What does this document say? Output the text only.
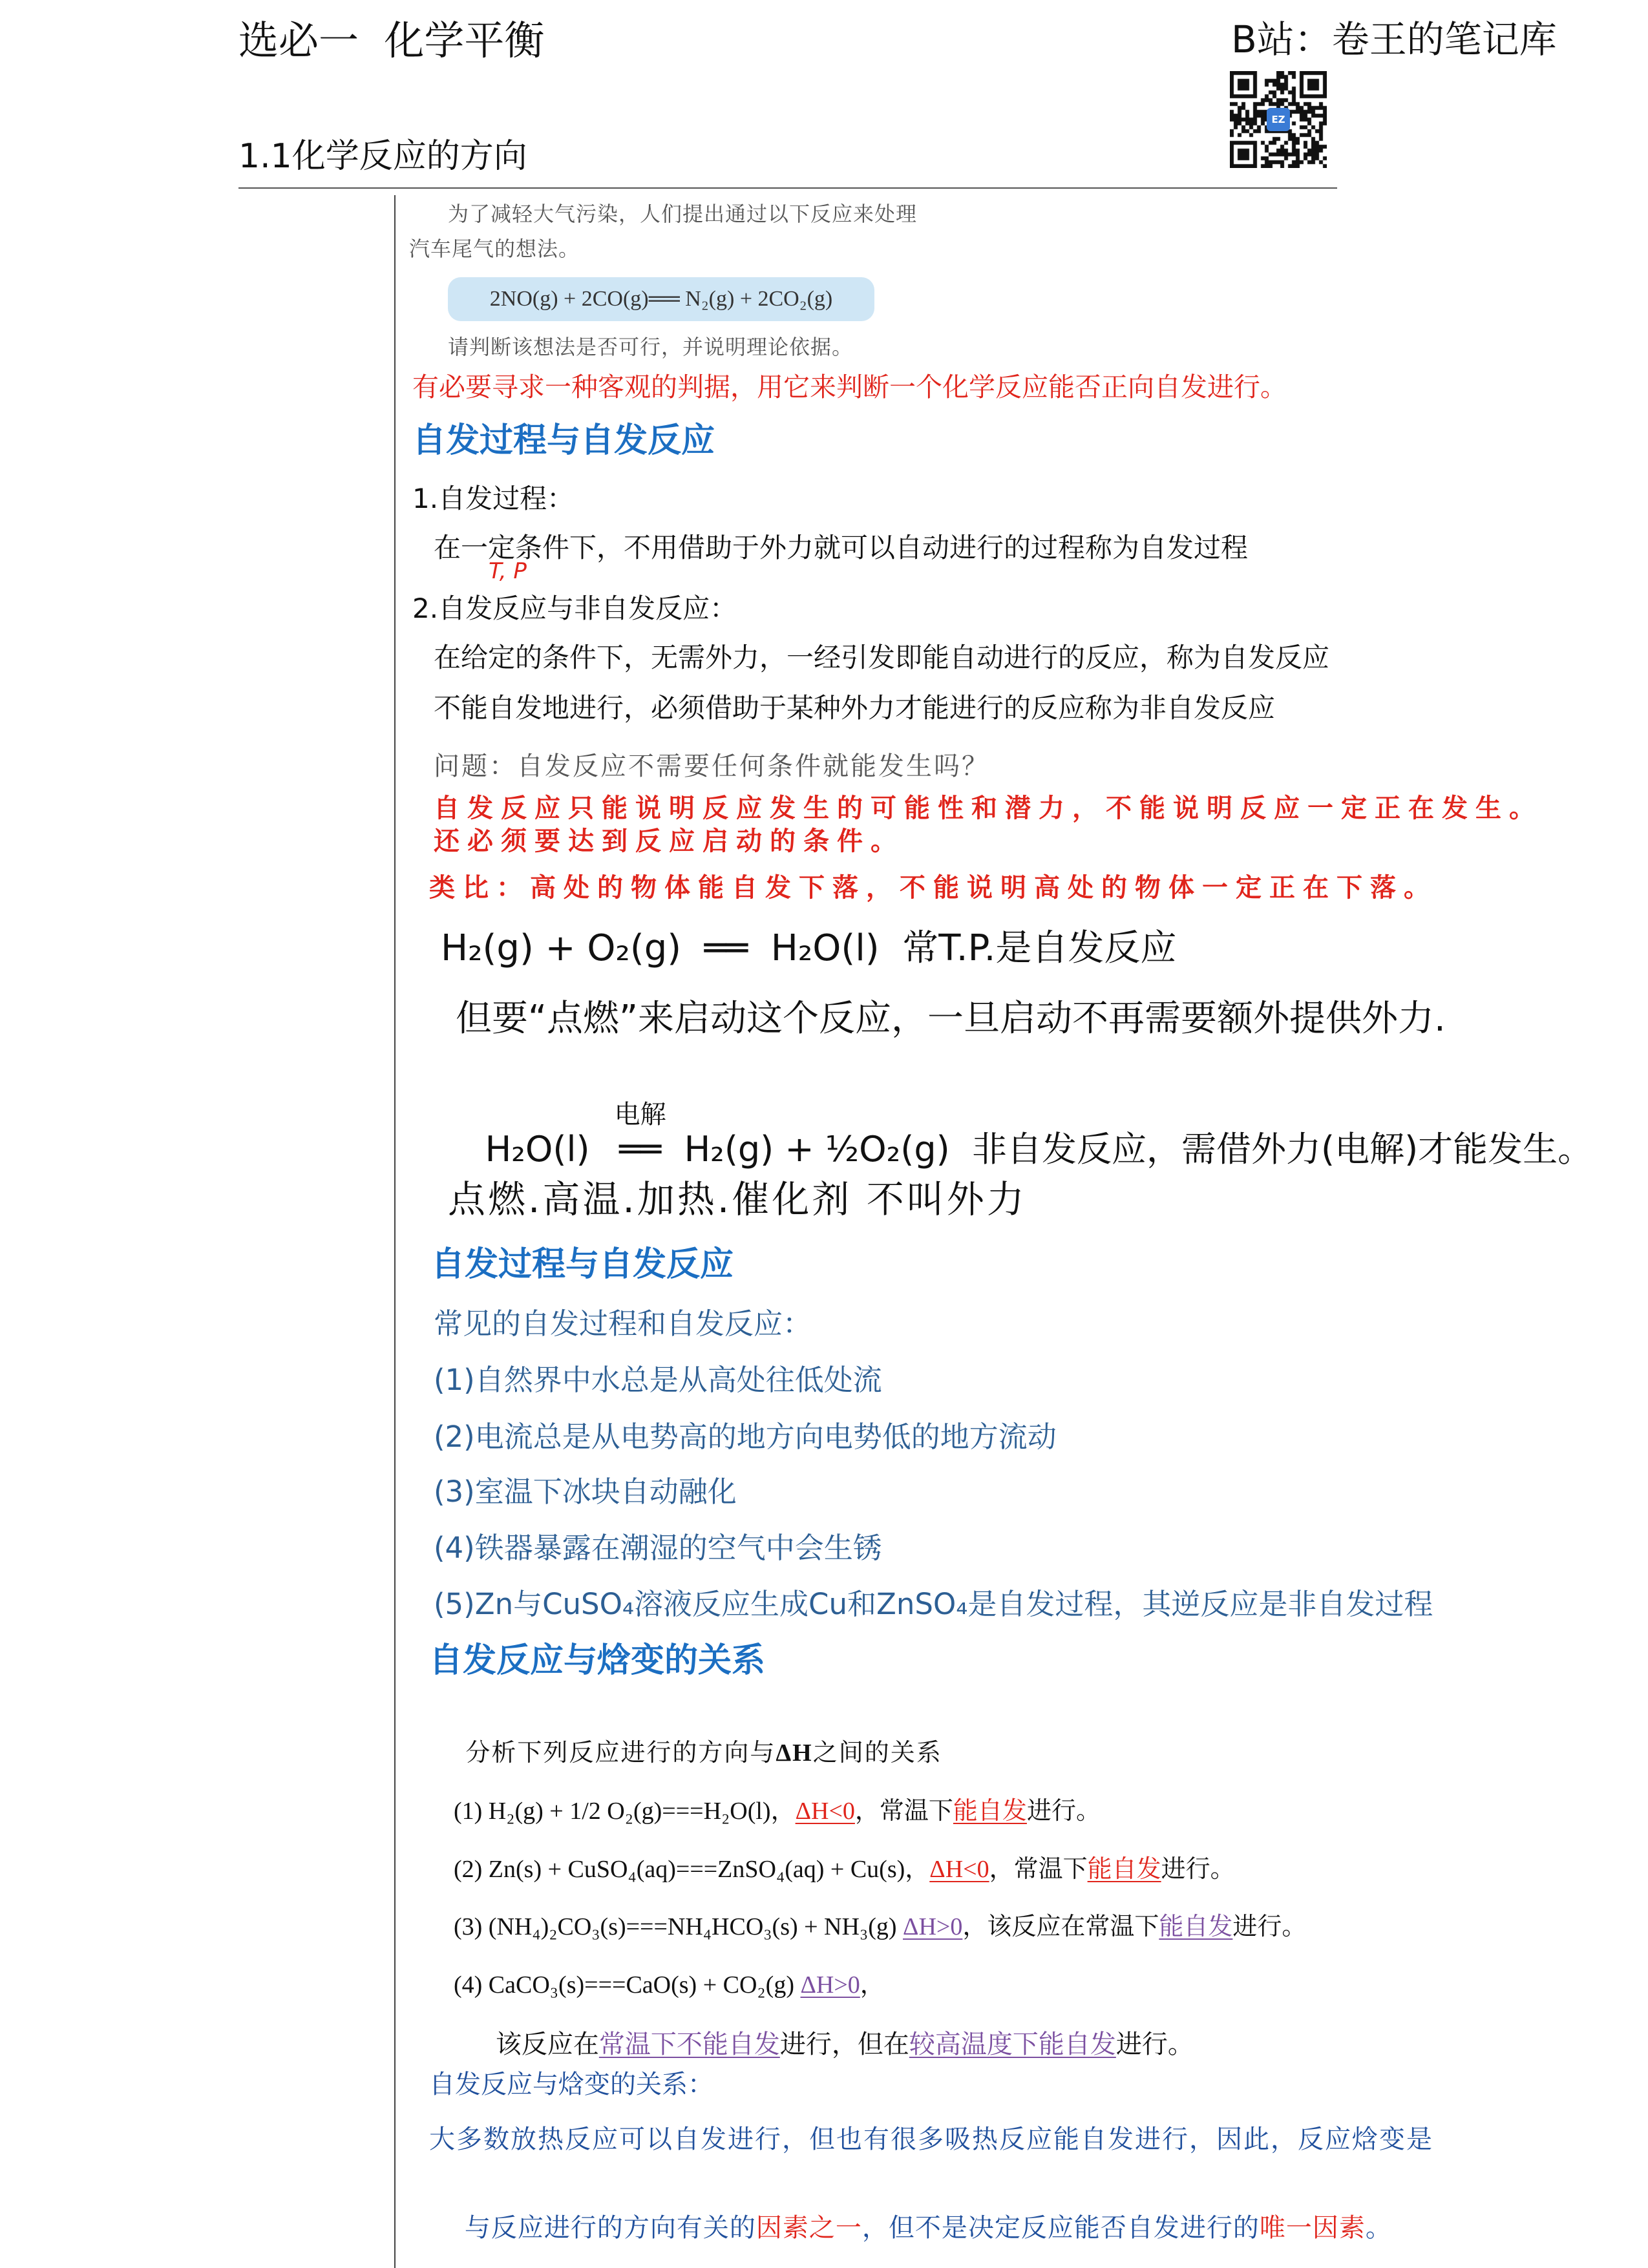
选必一  化学平衡	B站：卷王的笔记库
EZ
1.1化学反应的方向
为了减轻大气污染，人们提出通过以下反应来处理
汽车尾气的想法。
2NO(g) + 2CO(g)══ N₂(g) + 2CO₂(g)
请判断该想法是否可行，并说明理论依据。
有必要寻求一种客观的判据，用它来判断一个化学反应能否正向自发进行。
自发过程与自发反应
1.自发过程：
在一定条件下，不用借助于外力就可以自动进行的过程称为自发过程
T, P
2.自发反应与非自发反应：
在给定的条件下，无需外力，一经引发即能自动进行的反应，称为自发反应
不能自发地进行，必须借助于某种外力才能进行的反应称为非自发反应
问题：自发反应不需要任何条件就能发生吗？
自发反应只能说明反应发生的可能性和潜力，不能说明反应一定正在发生。
还必须要达到反应启动的条件。
类比：高处的物体能自发下落，不能说明高处的物体一定正在下落。
H₂(g) + O₂(g)  ══  H₂O(l)  常T.P.是自发反应
但要“点燃”来启动这个反应，一旦启动不再需要额外提供外力.

H₂O(l)
电解
══ H₂(g) + ½O₂(g)  非自发反应，需借外力(电解)才能发生。

点燃.高温.加热.催化剂 不叫外力
自发过程与自发反应
常见的自发过程和自发反应：
(1)自然界中水总是从高处往低处流
(2)电流总是从电势高的地方向电势低的地方流动
(3)室温下冰块自动融化
(4)铁器暴露在潮湿的空气中会生锈
(5)Zn与CuSO₄溶液反应生成Cu和ZnSO₄是自发过程，其逆反应是非自发过程
自发反应与焓变的关系

分析下列反应进行的方向与ΔH之间的关系

(1) H₂(g) + 1/2 O₂(g)===H₂O(l)，ΔH<0，常温下能自发进行。

(2) Zn(s) + CuSO₄(aq)===ZnSO₄(aq) + Cu(s)，ΔH<0，常温下能自发进行。

(3) (NH₄)₂CO₃(s)===NH₄HCO₃(s) + NH₃(g) ΔH>0，该反应在常温下能自发进行。

(4) CaCO₃(s)===CaO(s) + CO₂(g) ΔH>0，

该反应在常温下不能自发进行，但在较高温度下能自发进行。

自发反应与焓变的关系：
大多数放热反应可以自发进行，但也有很多吸热反应能自发进行，因此，反应焓变是

与反应进行的方向有关的因素之一，但不是决定反应能否自发进行的唯一因素。
